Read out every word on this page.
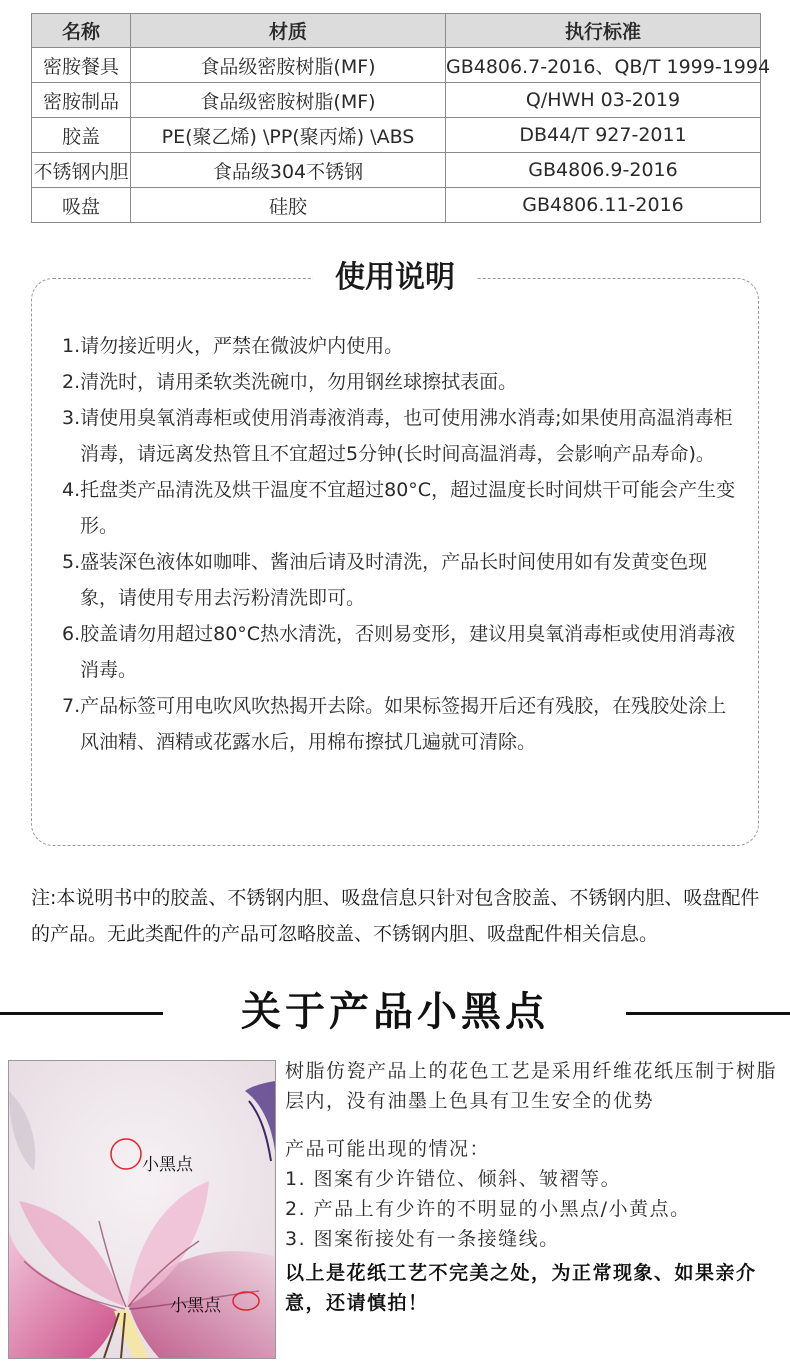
名称	材质	执行标准
密胺餐具	食品级密胺树脂(MF)	GB4806.7-2016、QB/T 1999-1994
密胺制品	食品级密胺树脂(MF)	Q/HWH 03-2019
胶盖	PE(聚乙烯) \PP(聚丙烯) \ABS	DB44/T 927-2011
不锈钢内胆	食品级304不锈钢	GB4806.9-2016
吸盘	硅胶	GB4806.11-2016
使用说明
1.请勿接近明火，严禁在微波炉内使用。
2.清洗时，请用柔软类洗碗巾，勿用钢丝球擦拭表面。
3.请使用臭氧消毒柜或使用消毒液消毒，也可使用沸水消毒;如果使用高温消毒柜消毒，请远离发热管且不宜超过5分钟(长时间高温消毒，会影响产品寿命)。
4.托盘类产品清洗及烘干温度不宜超过80°C，超过温度长时间烘干可能会产生变形。
5.盛装深色液体如咖啡、酱油后请及时清洗，产品长时间使用如有发黄变色现象，请使用专用去污粉清洗即可。
6.胶盖请勿用超过80°C热水清洗，否则易变形，建议用臭氧消毒柜或使用消毒液消毒。
7.产品标签可用电吹风吹热揭开去除。如果标签揭开后还有残胶，在残胶处涂上风油精、酒精或花露水后，用棉布擦拭几遍就可清除。
注:本说明书中的胶盖、不锈钢内胆、吸盘信息只针对包含胶盖、不锈钢内胆、吸盘配件的产品。无此类配件的产品可忽略胶盖、不锈钢内胆、吸盘配件相关信息。
关于产品小黑点
小黑点
小黑点

树脂仿瓷产品上的花色工艺是采用纤维花纸压制于树脂层内，没有油墨上色具有卫生安全的优势

产品可能出现的情况：

1. 图案有少许错位、倾斜、皱褶等。

2. 产品上有少许的不明显的小黑点/小黄点。

3. 图案衔接处有一条接缝线。

以上是花纸工艺不完美之处，为正常现象、如果亲介意，还请慎拍！
